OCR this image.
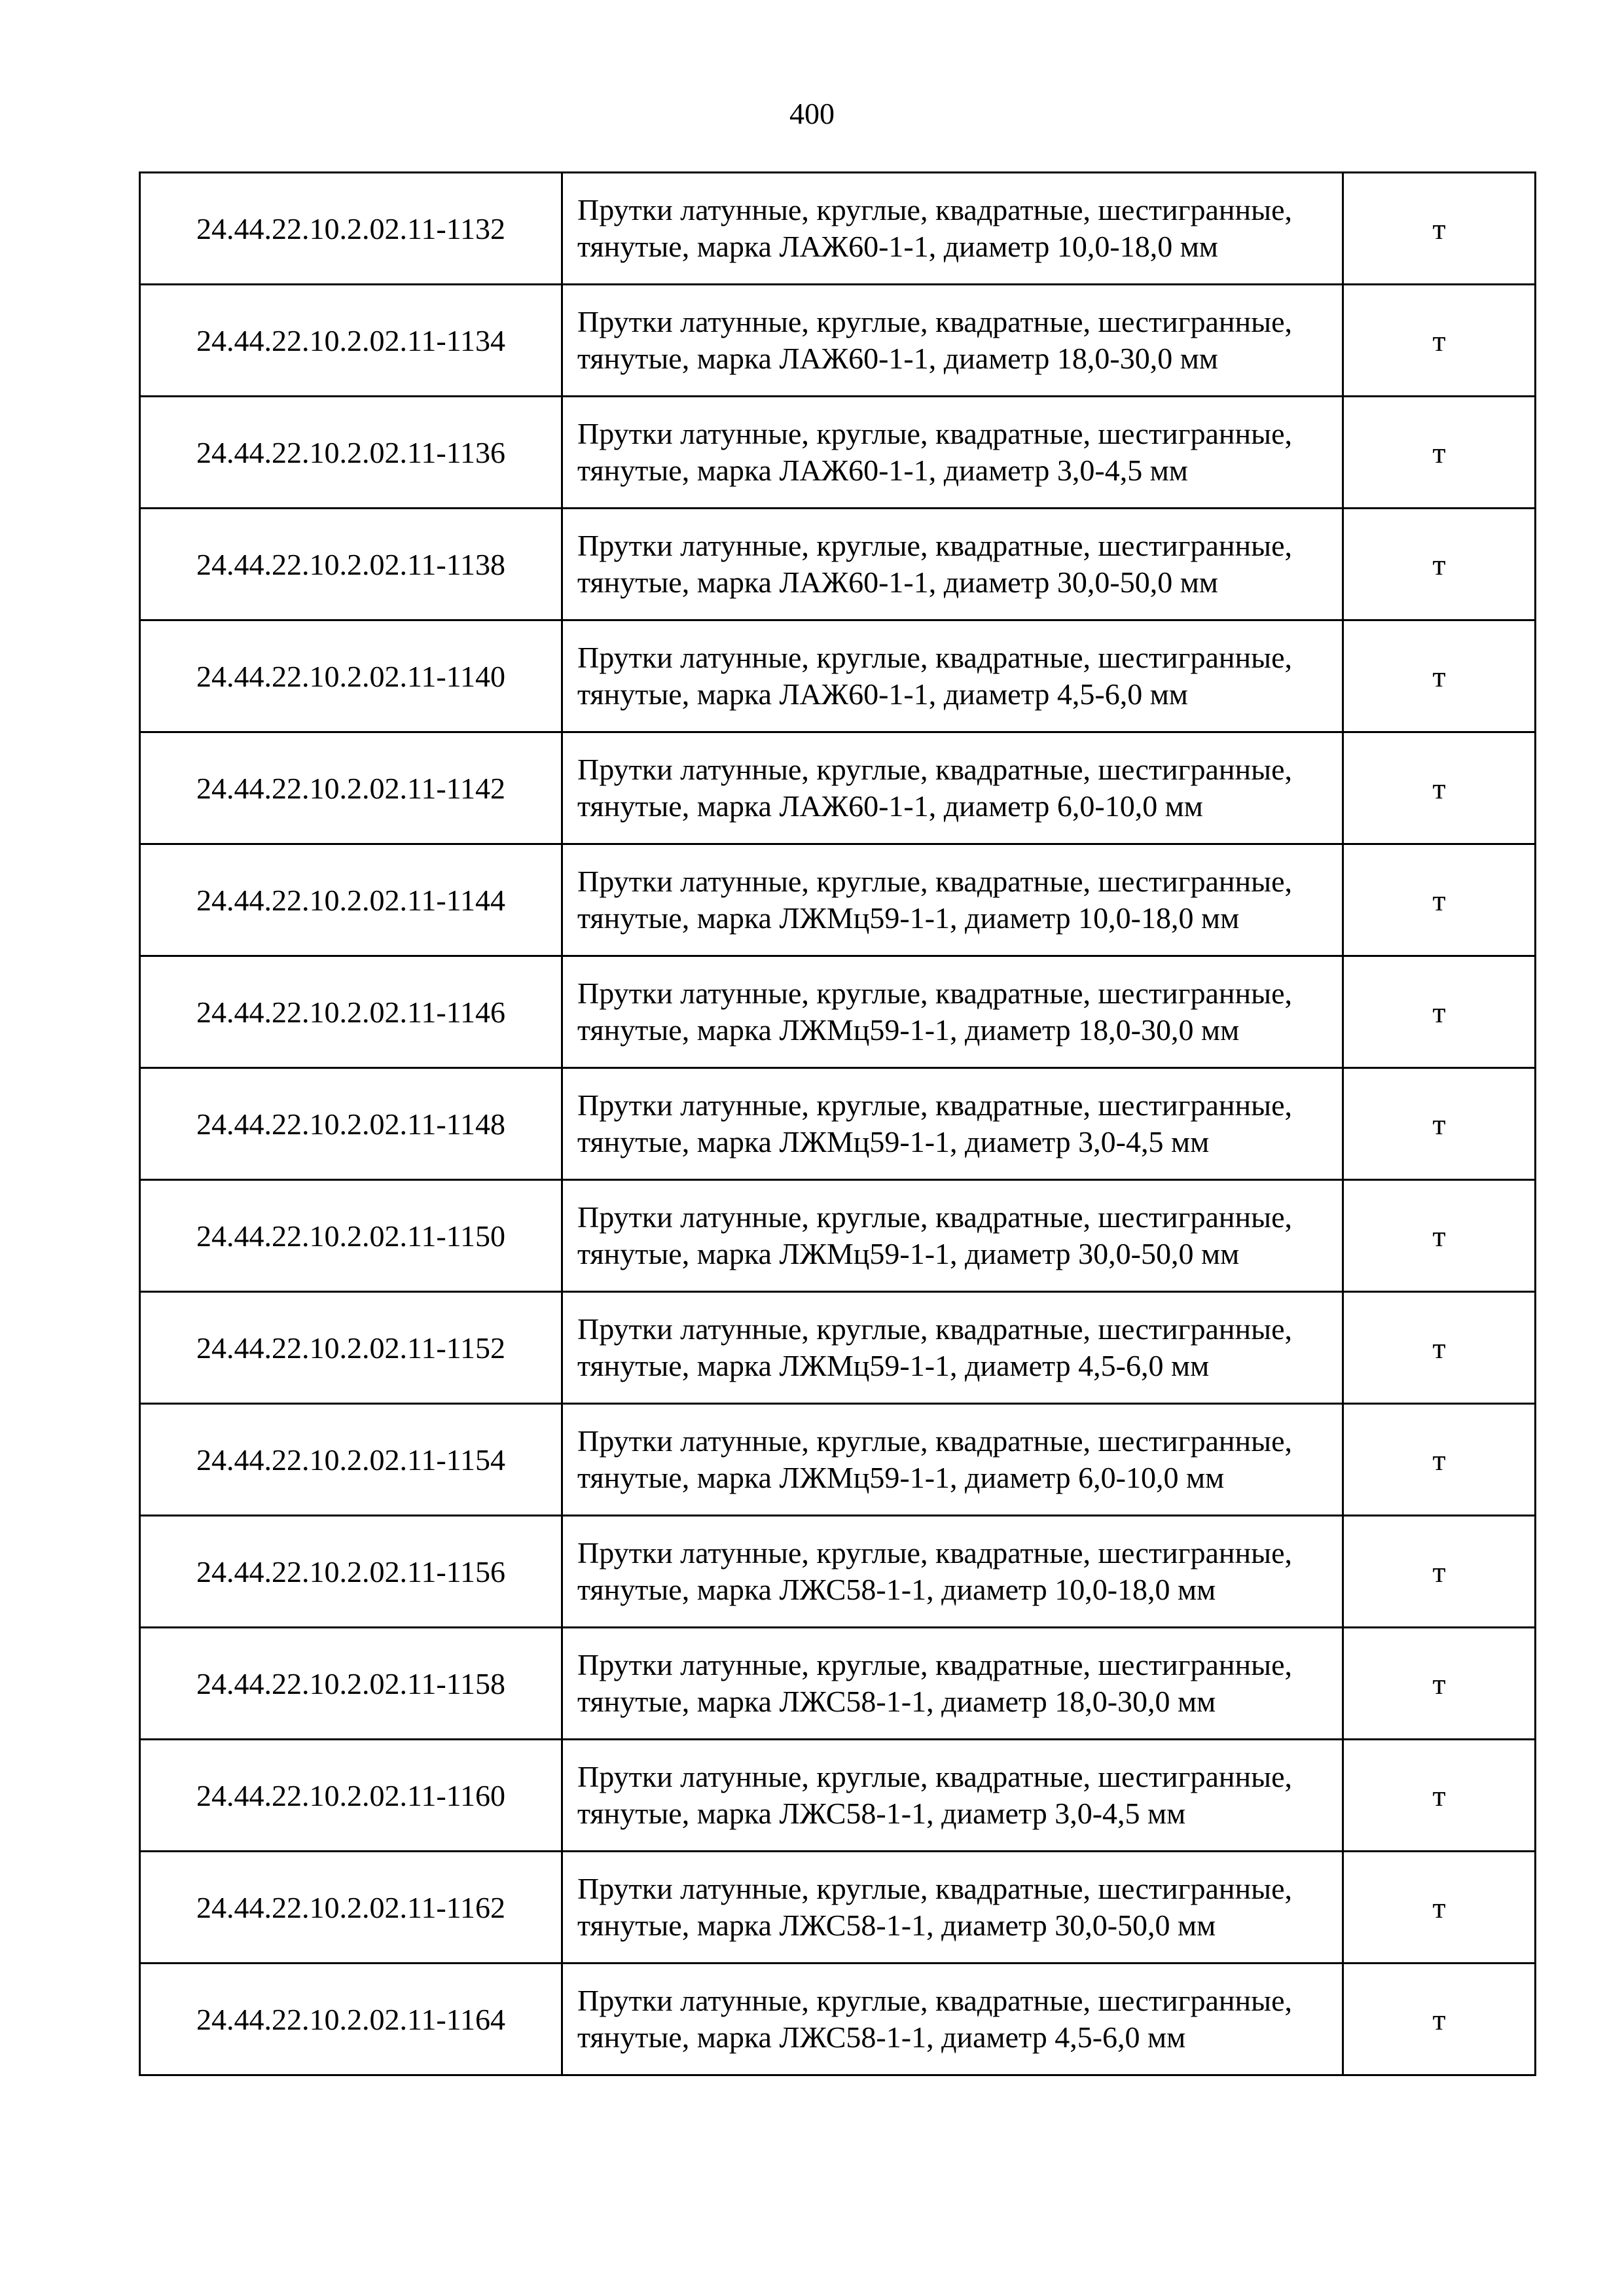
400
24.44.22.10.2.02.11-1132	Прутки латунные, круглые, квадратные, шестигранные, тянутые, марка ЛАЖ60-1-1, диаметр 10,0-18,0 мм	т
24.44.22.10.2.02.11-1134	Прутки латунные, круглые, квадратные, шестигранные, тянутые, марка ЛАЖ60-1-1, диаметр 18,0-30,0 мм	т
24.44.22.10.2.02.11-1136	Прутки латунные, круглые, квадратные, шестигранные, тянутые, марка ЛАЖ60-1-1, диаметр 3,0-4,5 мм	т
24.44.22.10.2.02.11-1138	Прутки латунные, круглые, квадратные, шестигранные, тянутые, марка ЛАЖ60-1-1, диаметр 30,0-50,0 мм	т
24.44.22.10.2.02.11-1140	Прутки латунные, круглые, квадратные, шестигранные, тянутые, марка ЛАЖ60-1-1, диаметр 4,5-6,0 мм	т
24.44.22.10.2.02.11-1142	Прутки латунные, круглые, квадратные, шестигранные, тянутые, марка ЛАЖ60-1-1, диаметр 6,0-10,0 мм	т
24.44.22.10.2.02.11-1144	Прутки латунные, круглые, квадратные, шестигранные, тянутые, марка ЛЖМц59-1-1, диаметр 10,0-18,0 мм	т
24.44.22.10.2.02.11-1146	Прутки латунные, круглые, квадратные, шестигранные, тянутые, марка ЛЖМц59-1-1, диаметр 18,0-30,0 мм	т
24.44.22.10.2.02.11-1148	Прутки латунные, круглые, квадратные, шестигранные, тянутые, марка ЛЖМц59-1-1, диаметр 3,0-4,5 мм	т
24.44.22.10.2.02.11-1150	Прутки латунные, круглые, квадратные, шестигранные, тянутые, марка ЛЖМц59-1-1, диаметр 30,0-50,0 мм	т
24.44.22.10.2.02.11-1152	Прутки латунные, круглые, квадратные, шестигранные, тянутые, марка ЛЖМц59-1-1, диаметр 4,5-6,0 мм	т
24.44.22.10.2.02.11-1154	Прутки латунные, круглые, квадратные, шестигранные, тянутые, марка ЛЖМц59-1-1, диаметр 6,0-10,0 мм	т
24.44.22.10.2.02.11-1156	Прутки латунные, круглые, квадратные, шестигранные, тянутые, марка ЛЖС58-1-1, диаметр 10,0-18,0 мм	т
24.44.22.10.2.02.11-1158	Прутки латунные, круглые, квадратные, шестигранные, тянутые, марка ЛЖС58-1-1, диаметр 18,0-30,0 мм	т
24.44.22.10.2.02.11-1160	Прутки латунные, круглые, квадратные, шестигранные, тянутые, марка ЛЖС58-1-1, диаметр 3,0-4,5 мм	т
24.44.22.10.2.02.11-1162	Прутки латунные, круглые, квадратные, шестигранные, тянутые, марка ЛЖС58-1-1, диаметр 30,0-50,0 мм	т
24.44.22.10.2.02.11-1164	Прутки латунные, круглые, квадратные, шестигранные, тянутые, марка ЛЖС58-1-1, диаметр 4,5-6,0 мм	т
